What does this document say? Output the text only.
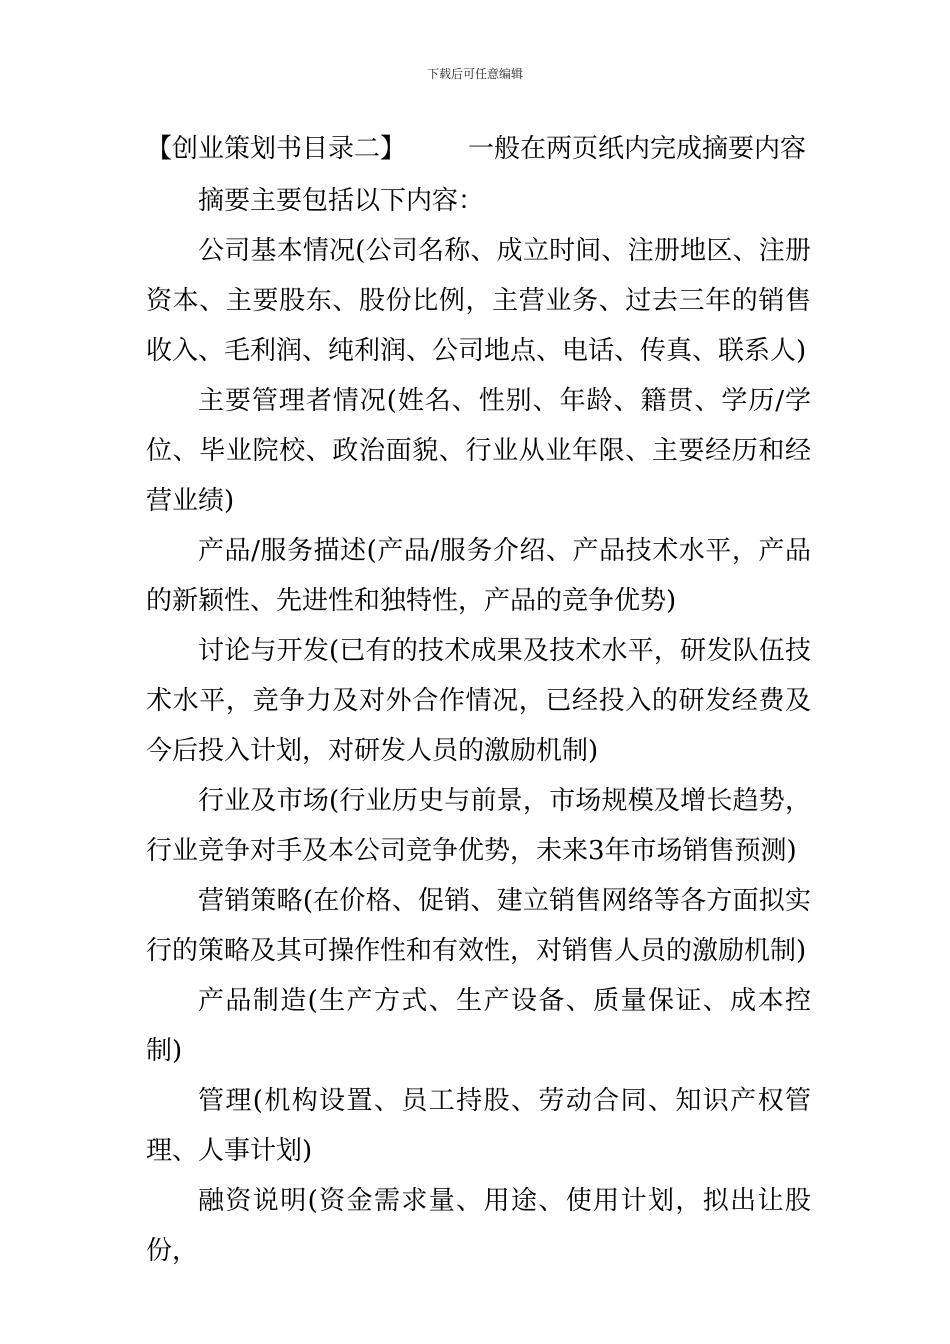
下载后可任意编辑
【创业策划书目录二】 一般在两页纸内完成摘要内容

摘要主要包括以下内容：

公司基本情况(公司名称、成立时间、注册地区、注册资本、主要股东、股份比例，主营业务、过去三年的销售收入、毛利润、纯利润、公司地点、电话、传真、联系人)

主要管理者情况(姓名、性别、年龄、籍贯、学历/学位、毕业院校、政治面貌、行业从业年限、主要经历和经营业绩)

产品/服务描述(产品/服务介绍、产品技术水平，产品的新颖性、先进性和独特性，产品的竞争优势)

讨论与开发(已有的技术成果及技术水平，研发队伍技术水平，竞争力及对外合作情况，已经投入的研发经费及今后投入计划，对研发人员的激励机制)

行业及市场(行业历史与前景，市场规模及增长趋势，行业竞争对手及本公司竞争优势，未来3年市场销售预测)

营销策略(在价格、促销、建立销售网络等各方面拟实行的策略及其可操作性和有效性，对销售人员的激励机制)

产品制造(生产方式、生产设备、质量保证、成本控制)

管理(机构设置、员工持股、劳动合同、知识产权管理、人事计划)

融资说明(资金需求量、用途、使用计划，拟出让股份，
